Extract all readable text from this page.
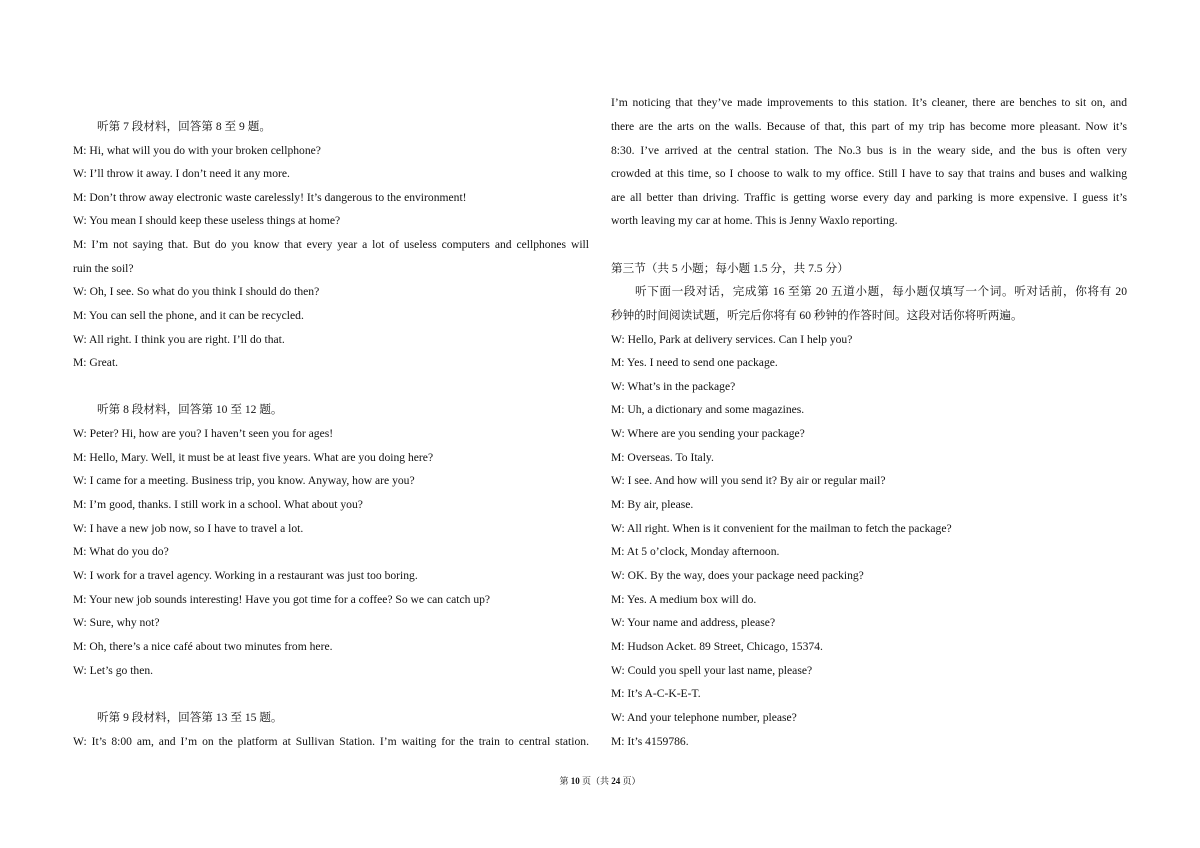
听第 7 段材料，回答第 8 至 9 题。
M: Hi, what will you do with your broken cellphone?
W: I’ll throw it away. I don’t need it any more.
M: Don’t throw away electronic waste carelessly! It’s dangerous to the environment!
W: You mean I should keep these useless things at home?
M: I’m not saying that. But do you know that every year a lot of useless computers and cellphones will
ruin the soil?
W: Oh, I see. So what do you think I should do then?
M: You can sell the phone, and it can be recycled.
W: All right. I think you are right. I’ll do that.
M: Great.
听第 8 段材料，回答第 10 至 12 题。
W: Peter? Hi, how are you? I haven’t seen you for ages!
M: Hello, Mary. Well, it must be at least five years. What are you doing here?
W: I came for a meeting. Business trip, you know. Anyway, how are you?
M: I’m good, thanks. I still work in a school. What about you?
W: I have a new job now, so I have to travel a lot.
M: What do you do?
W: I work for a travel agency. Working in a restaurant was just too boring.
M: Your new job sounds interesting! Have you got time for a coffee? So we can catch up?
W: Sure, why not?
M: Oh, there’s a nice café about two minutes from here.
W: Let’s go then.
听第 9 段材料，回答第 13 至 15 题。
W: It’s 8:00 am, and I’m on the platform at Sullivan Station. I’m waiting for the train to central station.
I’m noticing that they’ve made improvements to this station. It’s cleaner, there are benches to sit on, and
there are the arts on the walls. Because of that, this part of my trip has become more pleasant. Now it’s
8:30. I’ve arrived at the central station. The No.3 bus is in the weary side, and the bus is often very
crowded at this time, so I choose to walk to my office. Still I have to say that trains and buses and walking
are all better than driving. Traffic is getting worse every day and parking is more expensive. I guess it’s
worth leaving my car at home. This is Jenny Waxlo reporting.
第三节（共 5 小题；每小题 1.5 分，共 7.5 分）
听下面一段对话，完成第 16 至第 20 五道小题，每小题仅填写一个词。听对话前，你将有 20
秒钟的时间阅读试题，听完后你将有 60 秒钟的作答时间。这段对话你将听两遍。
W: Hello, Park at delivery services. Can I help you?
M: Yes. I need to send one package.
W: What’s in the package?
M: Uh, a dictionary and some magazines.
W: Where are you sending your package?
M: Overseas. To Italy.
W: I see. And how will you send it? By air or regular mail?
M: By air, please.
W: All right. When is it convenient for the mailman to fetch the package?
M: At 5 o’clock, Monday afternoon.
W: OK. By the way, does your package need packing?
M: Yes. A medium box will do.
W: Your name and address, please?
M: Hudson Acket. 89 Street, Chicago, 15374.
W: Could you spell your last name, please?
M: It’s A-C-K-E-T.
W: And your telephone number, please?
M: It’s 4159786.
第 10 页（共 24 页）
